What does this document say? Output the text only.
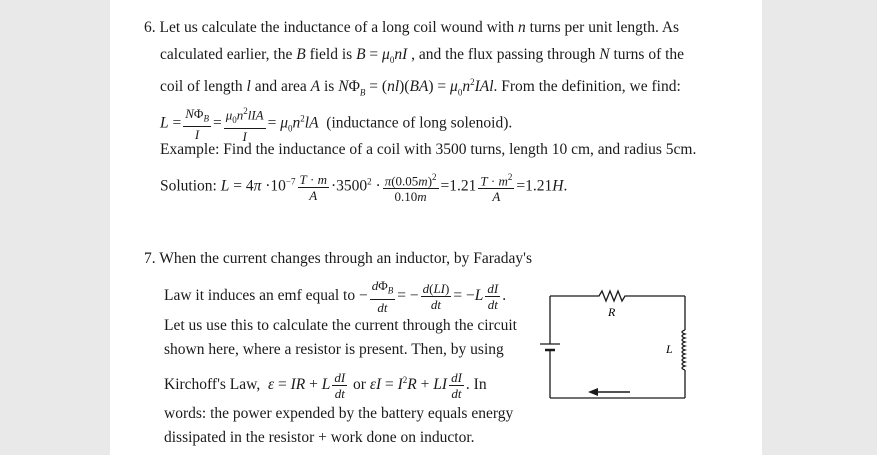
6. Let us calculate the inductance of a long coil wound with n turns per unit length. As
calculated earlier, the B field is $B = \mu_0nI$ , and the flux passing through N turns of the
coil of length l and area A is $N\Phi_B = (nl)(BA) = \mu_0n^2IAl$. From the definition, we find:
L =
$N\Phi_B$
I
= $\mu_0n^2lIA$
I
= $\mu_0n^2lA$ (inductance of long solenoid).
Example: Find the inductance of a coil with 3500 turns, length 10 cm, and radius 5cm.
Solution: $L = 4\pi \cdot 10^{-7} \frac{T \cdot m}{A} \cdot 3500^2 \cdot \frac{\pi(0.05m)^2}{0.10m} =1.21 \frac{T \cdot m^2}{A} =1.21H$.
7. When the current changes through an inductor, by Faraday's
Law it induces an emf equal to −
$d\Phi_B$
dt
= − $\frac{d(LI)}{dt} = -L \frac{dI}{dt}$ .
Let us use this to calculate the current through the circuit
shown here, where a resistor is present. Then, by using
Kirchoff's Law, ε = IR + L $\frac{dI}{dt}$ or $\varepsilon I = I^2R$ + LI $\frac{dI}{dt}$ . In
words: the power expended by the battery equals energy
dissipated in the resistor + work done on inductor.
R
L
